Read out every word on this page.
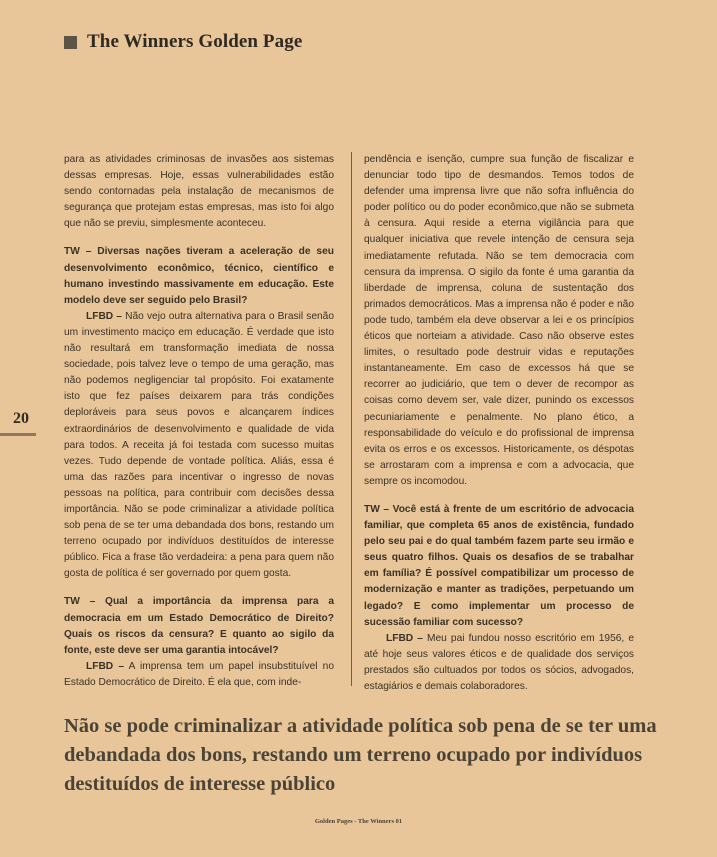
The Winners Golden Page
20

para as atividades criminosas de invasões aos sistemas dessas empresas. Hoje, essas vulnerabilidades estão sendo contornadas pela instalação de mecanismos de segurança que protejam estas empresas, mas isto foi algo que não se previu, simplesmente aconteceu.

TW – Diversas nações tiveram a aceleração de seu desenvolvimento econômico, técnico, científico e humano investindo massivamente em educação. Este modelo deve ser seguido pelo Brasil?

LFBD – Não vejo outra alternativa para o Brasil senão um investimento maciço em educação. É verdade que isto não resultará em transformação imediata de nossa sociedade, pois talvez leve o tempo de uma geração, mas não podemos negligenciar tal propósito. Foi exatamente isto que fez países deixarem para trás condições deploráveis para seus povos e alcançarem índices extraordinários de desenvolvimento e qualidade de vida para todos. A receita já foi testada com sucesso muitas vezes. Tudo depende de vontade política. Aliás, essa é uma das razões para incentivar o ingresso de novas pessoas na política, para contribuir com decisões dessa importância. Não se pode criminalizar a atividade política sob pena de se ter uma debandada dos bons, restando um terreno ocupado por indivíduos destituídos de interesse público. Fica a frase tão verdadeira: a pena para quem não gosta de política é ser governado por quem gosta.

TW – Qual a importância da imprensa para a democracia em um Estado Democrático de Direito? Quais os riscos da censura? E quanto ao sigilo da fonte, este deve ser uma garantia intocável?

LFBD – A imprensa tem um papel insubstituível no Estado Democrático de Direito. É ela que, com inde-

pendência e isenção, cumpre sua função de fiscalizar e denunciar todo tipo de desmandos. Temos todos de defender uma imprensa livre que não sofra influência do poder político ou do poder econômico,que não se submeta à censura. Aqui reside a eterna vigilância para que qualquer iniciativa que revele intenção de censura seja imediatamente refutada. Não se tem democracia com censura da imprensa. O sigilo da fonte é uma garantia da liberdade de imprensa, coluna de sustentação dos primados democráticos. Mas a imprensa não é poder e não pode tudo, também ela deve observar a lei e os princípios éticos que norteiam a atividade. Caso não observe estes limites, o resultado pode destruir vidas e reputações instantaneamente. Em caso de excessos há que se recorrer ao judiciário, que tem o dever de recompor as coisas como devem ser, vale dizer, punindo os excessos pecuniariamente e penalmente. No plano ético, a responsabilidade do veículo e do profissional de imprensa evita os erros e os excessos. Historicamente, os déspotas se arrostaram com a imprensa e com a advocacia, que sempre os incomodou.

TW – Você está à frente de um escritório de advocacia familiar, que completa 65 anos de existência, fundado pelo seu pai e do qual também fazem parte seu irmão e seus quatro filhos. Quais os desafios de se trabalhar em família? É possível compatibilizar um processo de modernização e manter as tradições, perpetuando um legado? E como implementar um processo de sucessão familiar com sucesso?

LFBD – Meu pai fundou nosso escritório em 1956, e até hoje seus valores éticos e de qualidade dos serviços prestados são cultuados por todos os sócios, advogados, estagiários e demais colaboradores.

Não se pode criminalizar a atividade política sob pena de se ter uma debandada dos bons, restando um terreno ocupado por indivíduos destituídos de interesse público
Golden Pages - The Winners 01
